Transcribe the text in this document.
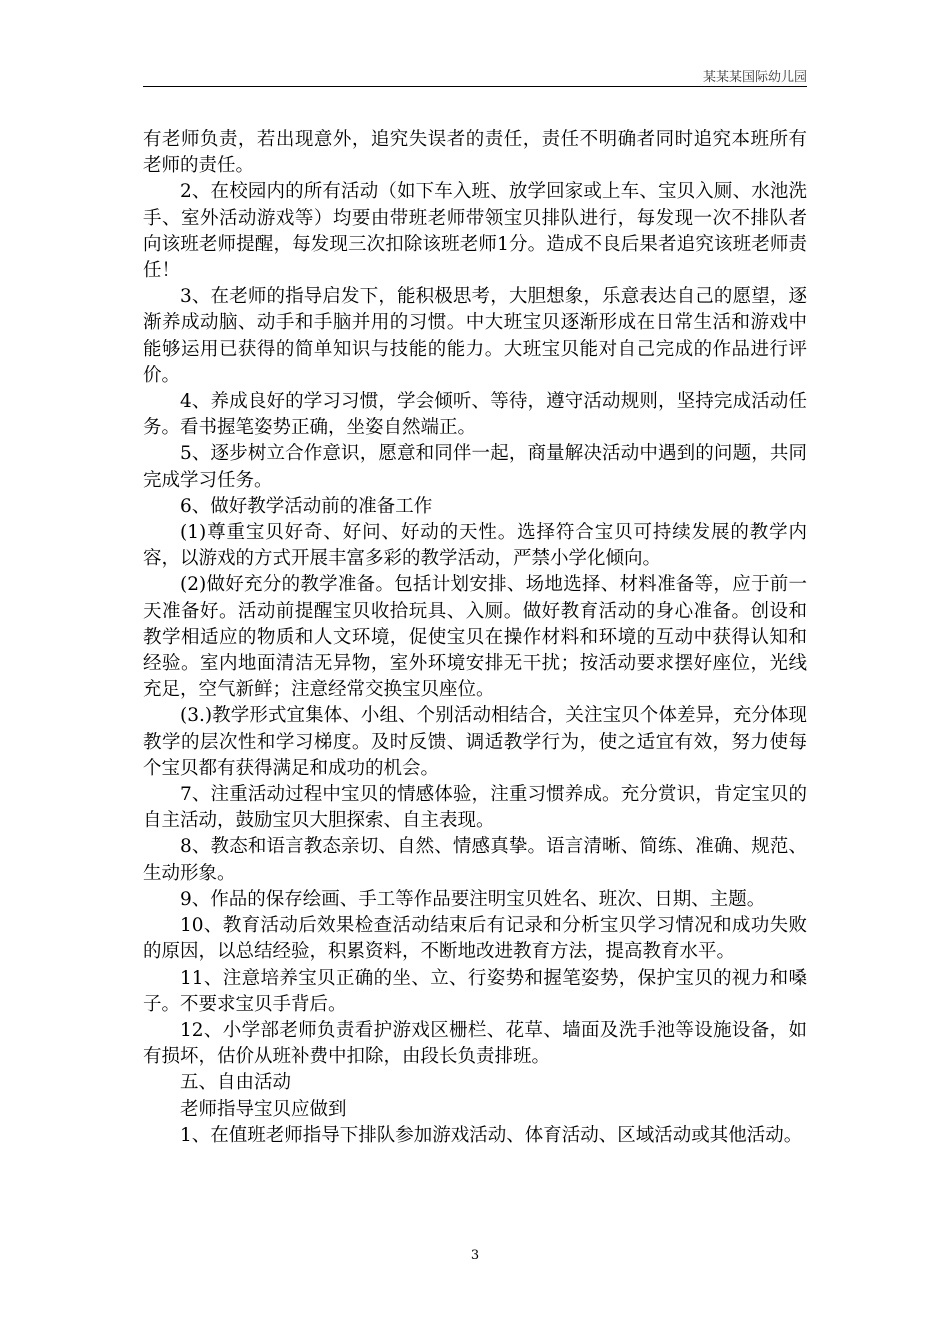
某某某国际幼儿园

有老师负责，若出现意外，追究失误者的责任，责任不明确者同时追究本班所有老师的责任。

2、在校园内的所有活动（如下车入班、放学回家或上车、宝贝入厕、水池洗手、室外活动游戏等）均要由带班老师带领宝贝排队进行，每发现一次不排队者向该班老师提醒，每发现三次扣除该班老师1分。造成不良后果者追究该班老师责任！

3、在老师的指导启发下，能积极思考，大胆想象，乐意表达自己的愿望，逐渐养成动脑、动手和手脑并用的习惯。中大班宝贝逐渐形成在日常生活和游戏中能够运用已获得的简单知识与技能的能力。大班宝贝能对自己完成的作品进行评价。

4、养成良好的学习习惯，学会倾听、等待，遵守活动规则，坚持完成活动任务。看书握笔姿势正确，坐姿自然端正。

5、逐步树立合作意识，愿意和同伴一起，商量解决活动中遇到的问题，共同完成学习任务。

6、做好教学活动前的准备工作

(1)尊重宝贝好奇、好问、好动的天性。选择符合宝贝可持续发展的教学内容，以游戏的方式开展丰富多彩的教学活动，严禁小学化倾向。

(2)做好充分的教学准备。包括计划安排、场地选择、材料准备等，应于前一天准备好。活动前提醒宝贝收拾玩具、入厕。做好教育活动的身心准备。创设和教学相适应的物质和人文环境，促使宝贝在操作材料和环境的互动中获得认知和经验。室内地面清洁无异物，室外环境安排无干扰；按活动要求摆好座位，光线充足，空气新鲜；注意经常交换宝贝座位。

(3.)教学形式宜集体、小组、个别活动相结合，关注宝贝个体差异，充分体现教学的层次性和学习梯度。及时反馈、调适教学行为，使之适宜有效，努力使每个宝贝都有获得满足和成功的机会。

7、注重活动过程中宝贝的情感体验，注重习惯养成。充分赏识，肯定宝贝的自主活动，鼓励宝贝大胆探索、自主表现。

8、教态和语言教态亲切、自然、情感真挚。语言清晰、简练、准确、规范、生动形象。

9、作品的保存绘画、手工等作品要注明宝贝姓名、班次、日期、主题。

10、教育活动后效果检查活动结束后有记录和分析宝贝学习情况和成功失败的原因，以总结经验，积累资料，不断地改进教育方法，提高教育水平。

11、注意培养宝贝正确的坐、立、行姿势和握笔姿势，保护宝贝的视力和嗓子。不要求宝贝手背后。

12、小学部老师负责看护游戏区栅栏、花草、墙面及洗手池等设施设备，如有损坏，估价从班补费中扣除，由段长负责排班。

五、自由活动

老师指导宝贝应做到

1、在值班老师指导下排队参加游戏活动、体育活动、区域活动或其他活动。

3
